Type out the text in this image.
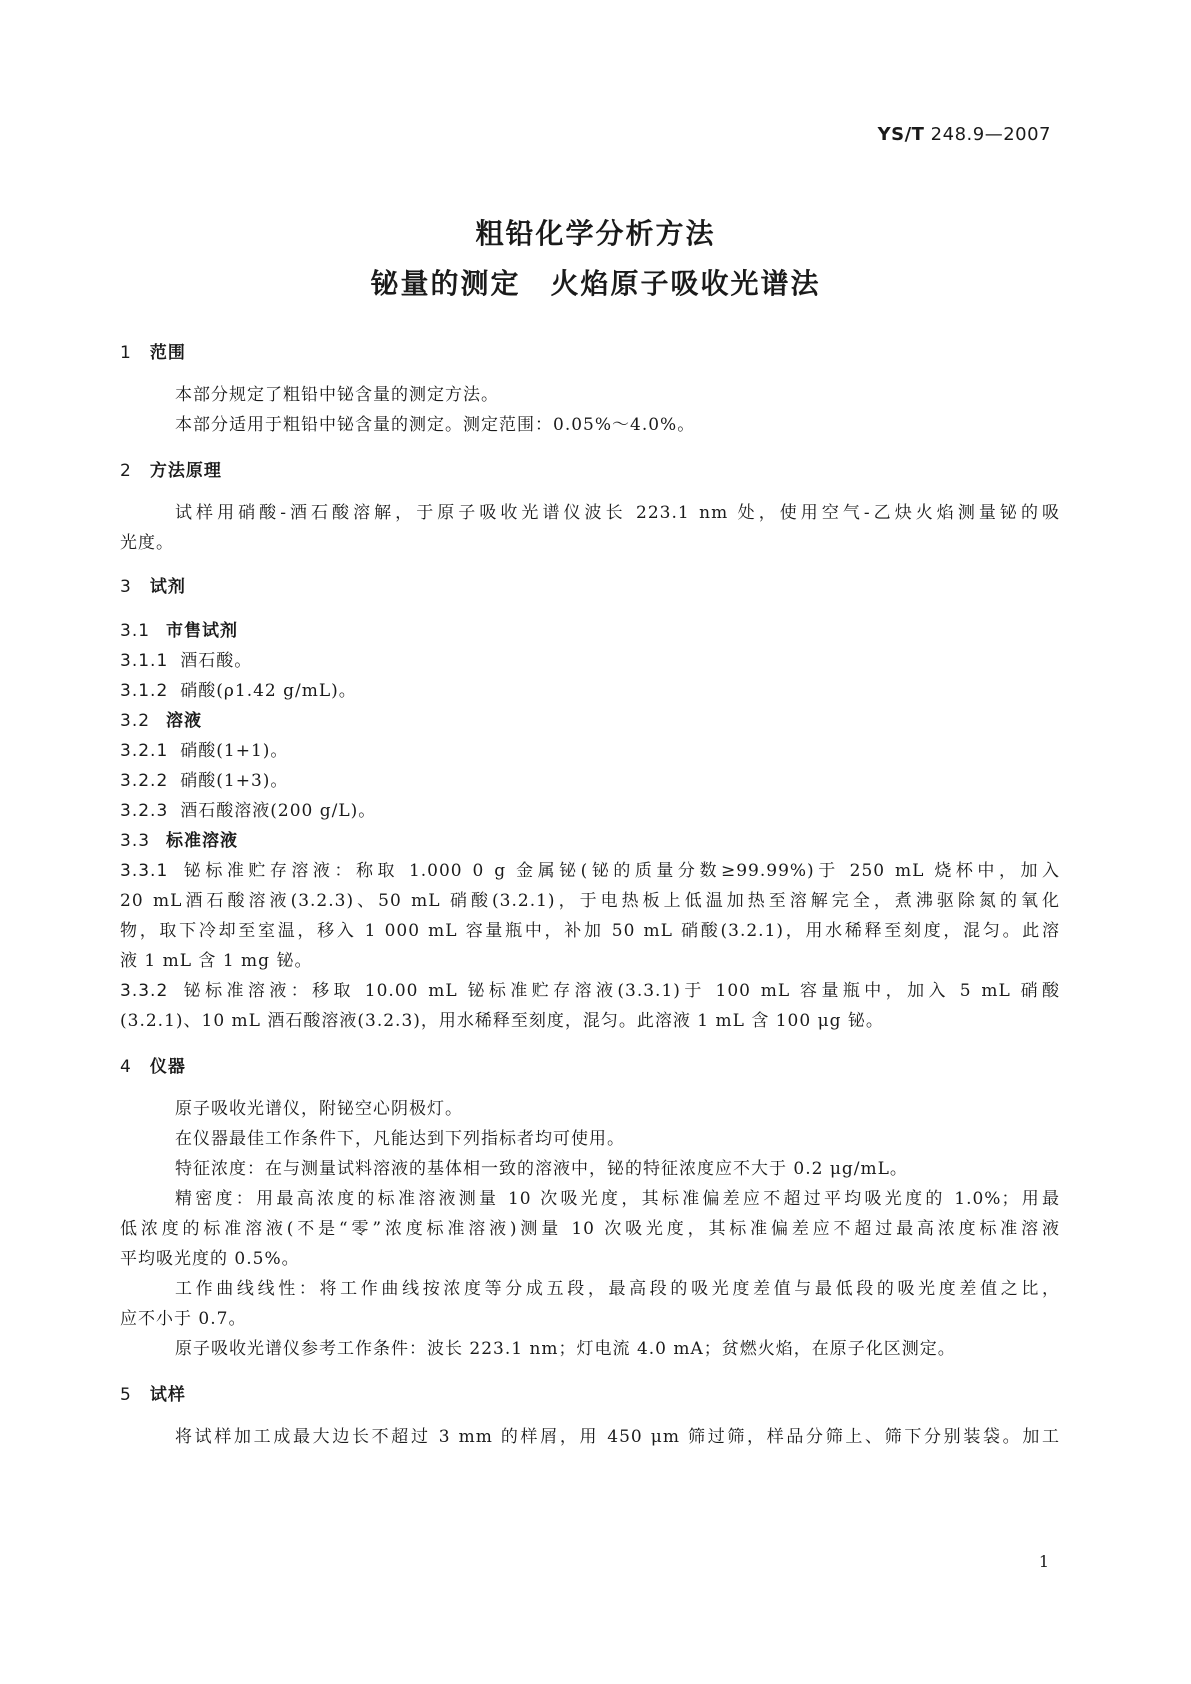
YS/T 248.9—2007
粗铅化学分析方法
铋量的测定　火焰原子吸收光谱法
1 范围
本部分规定了粗铅中铋含量的测定方法。
本部分适用于粗铅中铋含量的测定。测定范围：0.05%～4.0%。
2 方法原理
试样用硝酸-酒石酸溶解，于原子吸收光谱仪波长 223.1 nm 处，使用空气-乙炔火焰测量铋的吸
光度。
3 试剂
3.1 市售试剂
3.1.1 酒石酸。
3.1.2 硝酸(ρ1.42 g/mL)。
3.2 溶液
3.2.1 硝酸(1+1)。
3.2.2 硝酸(1+3)。
3.2.3 酒石酸溶液(200 g/L)。
3.3 标准溶液
3.3.1 铋标准贮存溶液：称取 1.000 0 g 金属铋(铋的质量分数≥99.99%)于 250 mL 烧杯中，加入
20 mL酒石酸溶液(3.2.3)、50 mL 硝酸(3.2.1)，于电热板上低温加热至溶解完全，煮沸驱除氮的氧化
物，取下冷却至室温，移入 1 000 mL 容量瓶中，补加 50 mL 硝酸(3.2.1)，用水稀释至刻度，混匀。此溶
液 1 mL 含 1 mg 铋。
3.3.2 铋标准溶液：移取 10.00 mL 铋标准贮存溶液(3.3.1)于 100 mL 容量瓶中，加入 5 mL 硝酸
(3.2.1)、10 mL 酒石酸溶液(3.2.3)，用水稀释至刻度，混匀。此溶液 1 mL 含 100 μg 铋。
4 仪器
原子吸收光谱仪，附铋空心阴极灯。
在仪器最佳工作条件下，凡能达到下列指标者均可使用。
特征浓度：在与测量试料溶液的基体相一致的溶液中，铋的特征浓度应不大于 0.2 μg/mL。
精密度：用最高浓度的标准溶液测量 10 次吸光度，其标准偏差应不超过平均吸光度的 1.0%；用最
低浓度的标准溶液(不是“零”浓度标准溶液)测量 10 次吸光度，其标准偏差应不超过最高浓度标准溶液
平均吸光度的 0.5%。
工作曲线线性：将工作曲线按浓度等分成五段，最高段的吸光度差值与最低段的吸光度差值之比，
应不小于 0.7。
原子吸收光谱仪参考工作条件：波长 223.1 nm；灯电流 4.0 mA；贫燃火焰，在原子化区测定。
5 试样
将试样加工成最大边长不超过 3 mm 的样屑，用 450 μm 筛过筛，样品分筛上、筛下分别装袋。加工
1
